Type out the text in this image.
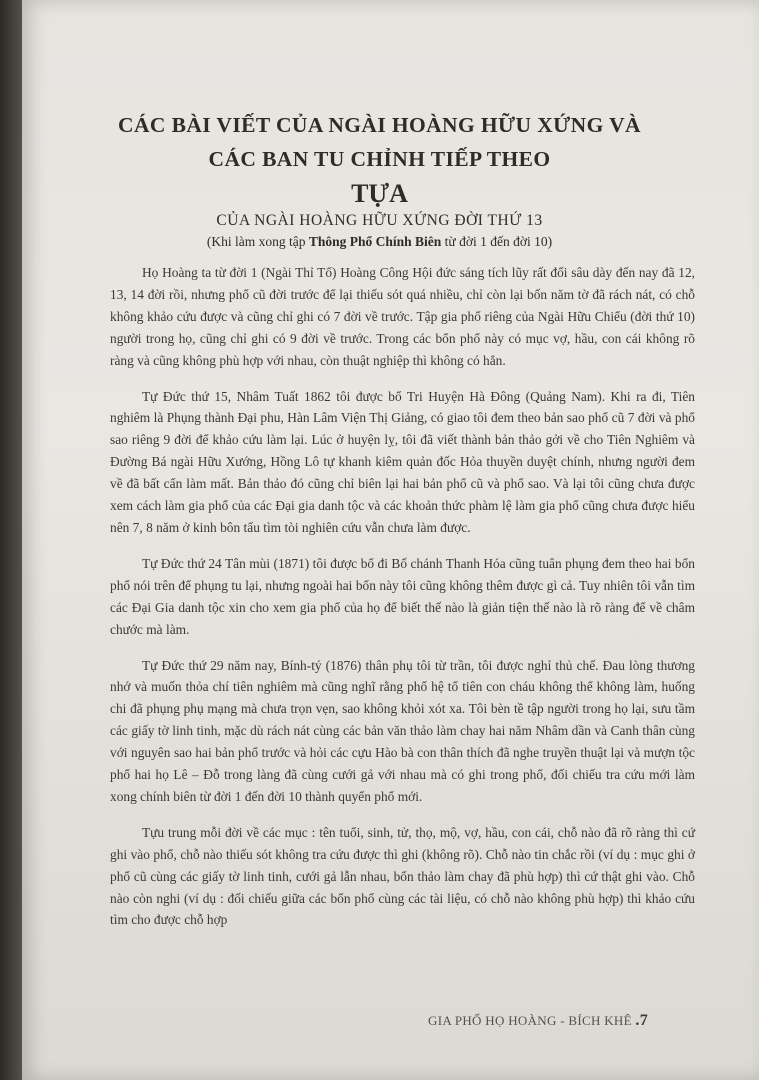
CÁC BÀI VIẾT CỦA NGÀI HOÀNG HỮU XỨNG VÀ

CÁC BAN TU CHỈNH TIẾP THEO

TỰA

CỦA NGÀI HOÀNG HỮU XỨNG ĐỜI THỨ 13

(Khi làm xong tập Thông Phổ Chính Biên từ đời 1 đến đời 10)

Họ Hoàng ta từ đời 1 (Ngài Thỉ Tổ) Hoàng Công Hội đức sáng tích lũy rất đối sâu dày đến nay đã 12, 13, 14 đời rồi, nhưng phổ cũ đời trước để lại thiếu sót quá nhiều, chỉ còn lại bốn năm tờ đã rách nát, có chỗ không khảo cứu được và cũng chỉ ghi có 7 đời về trước. Tập gia phổ riêng của Ngài Hữu Chiểu (đời thứ 10) người trong họ, cũng chỉ ghi có 9 đời về trước. Trong các bổn phổ này có mục vợ, hầu, con cái không rõ ràng và cũng không phù hợp với nhau, còn thuật nghiệp thì không có hẳn.

Tự Đức thứ 15, Nhâm Tuất 1862 tôi được bổ Tri Huyện Hà Đông (Quảng Nam). Khi ra đi, Tiên nghiêm là Phụng thành Đại phu, Hàn Lâm Viện Thị Giảng, có giao tôi đem theo bản sao phổ cũ 7 đời và phổ sao riêng 9 đời để khảo cứu làm lại. Lúc ở huyện lỵ, tôi đã viết thành bản thảo gởi về cho Tiên Nghiêm và Đường Bá ngài Hữu Xướng, Hồng Lô tự khanh kiêm quản đốc Hỏa thuyền duyệt chính, nhưng người đem về đã bất cẩn làm mất. Bản thảo đó cũng chỉ biên lại hai bản phổ cũ và phổ sao. Và lại tôi cũng chưa được xem cách làm gia phổ của các Đại gia danh tộc và các khoản thức phàm lệ làm gia phổ cũng chưa được hiểu nên 7, 8 năm ở kinh bôn tẩu tìm tòi nghiên cứu vẫn chưa làm được.

Tự Đức thứ 24 Tân mùi (1871) tôi được bổ đi Bố chánh Thanh Hóa cũng tuân phụng đem theo hai bổn phổ nói trên để phụng tu lại, nhưng ngoài hai bổn này tôi cũng không thêm được gì cả. Tuy nhiên tôi vẫn tìm các Đại Gia danh tộc xin cho xem gia phổ của họ để biết thế nào là giản tiện thế nào là rõ ràng để về châm chước mà làm.

Tự Đức thứ 29 năm nay, Bính-tý (1876) thân phụ tôi từ trần, tôi được nghỉ thủ chế. Đau lòng thương nhớ và muốn thỏa chí tiên nghiêm mà cũng nghĩ rằng phổ hệ tổ tiên con cháu không thể không làm, huống chi đã phụng phụ mạng mà chưa trọn vẹn, sao không khỏi xót xa. Tôi bèn tề tập người trong họ lại, sưu tầm các giấy tờ linh tinh, mặc dù rách nát cùng các bản văn thảo làm chay hai năm Nhâm dần và Canh thân cùng với nguyên sao hai bản phổ trước và hỏi các cựu Hào bà con thân thích đã nghe truyền thuật lại và mượn tộc phổ hai họ Lê – Đỗ trong làng đã cùng cưới gả với nhau mà có ghi trong phổ, đối chiếu tra cứu mới làm xong chính biên từ đời 1 đến đời 10 thành quyển phổ mới.

Tựu trung mỗi đời về các mục : tên tuổi, sinh, tử, thọ, mộ, vợ, hầu, con cái, chỗ nào đã rõ ràng thì cứ ghi vào phổ, chỗ nào thiếu sót không tra cứu được thì ghi (không rõ). Chỗ nào tin chắc rồi (ví dụ : mục ghi ở phổ cũ cùng các giấy tờ linh tinh, cưới gả lẫn nhau, bổn thảo làm chay đã phù hợp) thì cứ thật ghi vào. Chỗ nào còn nghi (ví dụ : đối chiếu giữa các bổn phổ cùng các tài liệu, có chỗ nào không phù hợp) thì khảo cứu tìm cho được chỗ hợp

GIA PHỔ HỌ HOÀNG - BÍCH KHÊ .7
